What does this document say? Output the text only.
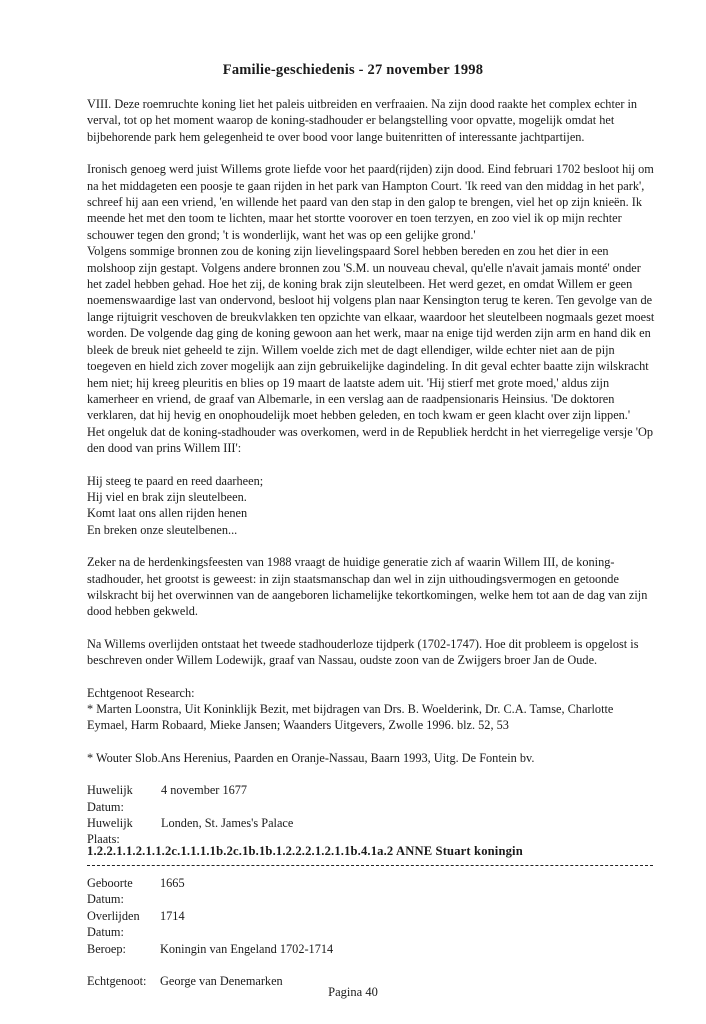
Familie-geschiedenis - 27 november 1998

VIII. Deze roemruchte koning liet het paleis uitbreiden en verfraaien. Na zijn dood raakte het complex echter in verval, tot op het moment waarop de koning-stadhouder er belangstelling voor opvatte, mogelijk omdat het bijbehorende park hem gelegenheid te over bood voor lange buitenritten of interessante jachtpartijen.

Ironisch genoeg werd juist Willems grote liefde voor het paard(rijden) zijn dood. Eind februari 1702 besloot hij om na het middageten een poosje te gaan rijden in het park van Hampton Court. 'Ik reed van den middag in het park', schreef hij aan een vriend, 'en willende het paard van den stap in den galop te brengen, viel het op zijn knieën. Ik meende het met den toom te lichten, maar het stortte voorover en toen terzyen, en zoo viel ik op mijn rechter schouwer tegen den grond; 't is wonderlijk, want het was op een gelijke grond.'

Volgens sommige bronnen zou de koning zijn lievelingspaard Sorel hebben bereden en zou het dier in een molshoop zijn gestapt. Volgens andere bronnen zou 'S.M. un nouveau cheval, qu'elle n'avait jamais monté' onder het zadel hebben gehad. Hoe het zij, de koning brak zijn sleutelbeen. Het werd gezet, en omdat Willem er geen noemenswaardige last van ondervond, besloot hij volgens plan naar Kensington terug te keren. Ten gevolge van de lange rijtuigrit veschoven de breukvlakken ten opzichte van elkaar, waardoor het sleutelbeen nogmaals gezet moest worden. De volgende dag ging de koning gewoon aan het werk, maar na enige tijd werden zijn arm en hand dik en bleek de breuk niet geheeld te zijn. Willem voelde zich met de dagt ellendiger, wilde echter niet aan de pijn toegeven en hield zich zover mogelijk aan zijn gebruikelijke dagindeling. In dit geval echter baatte zijn wilskracht hem niet; hij kreeg pleuritis en blies op 19 maart de laatste adem uit. 'Hij stierf met grote moed,' aldus zijn kamerheer en vriend, de graaf van Albemarle, in een verslag aan de raadpensionaris Heinsius. 'De doktoren verklaren, dat hij hevig en onophoudelijk moet hebben geleden, en toch kwam er geen klacht over zijn lippen.'

Het ongeluk dat de koning-stadhouder was overkomen, werd in de Republiek herdcht in het vierregelige versje 'Op den dood van prins Willem III':

Hij steeg te paard en reed daarheen;

Hij viel en brak zijn sleutelbeen.

Komt laat ons allen rijden henen

En breken onze sleutelbenen...

Zeker na de herdenkingsfeesten van 1988 vraagt de huidige generatie zich af waarin Willem III, de koning-stadhouder, het grootst is geweest: in zijn staatsmanschap dan wel in zijn uithoudingsvermogen en getoonde wilskracht bij het overwinnen van de aangeboren lichamelijke tekortkomingen, welke hem tot aan de dag van zijn dood hebben gekweld.

Na Willems overlijden ontstaat het tweede stadhouderloze tijdperk (1702-1747). Hoe dit probleem is opgelost is beschreven onder Willem Lodewijk, graaf van Nassau, oudste zoon van de Zwijgers broer Jan de Oude.

Echtgenoot Research:

* Marten Loonstra, Uit Koninklijk Bezit, met bijdragen van Drs. B. Woelderink, Dr. C.A. Tamse, Charlotte Eymael, Harm Robaard, Mieke Jansen; Waanders Uitgevers, Zwolle 1996. blz. 52, 53

* Wouter Slob.Ans Herenius, Paarden en Oranje-Nassau, Baarn 1993, Uitg. De Fontein bv.

Huwelijk Datum:
4 november 1677
Huwelijk Plaats:
Londen, St. James's Palace
1.2.2.1.1.2.1.1.2c.1.1.1.1b.2c.1b.1b.1.2.2.2.1.2.1.1b.4.1a.2 ANNE Stuart koningin
Geboorte Datum:
1665
Overlijden Datum:
1714
Beroep:	Koningin van Engeland 1702-1714
Echtgenoot:	George van Denemarken
Pagina 40
